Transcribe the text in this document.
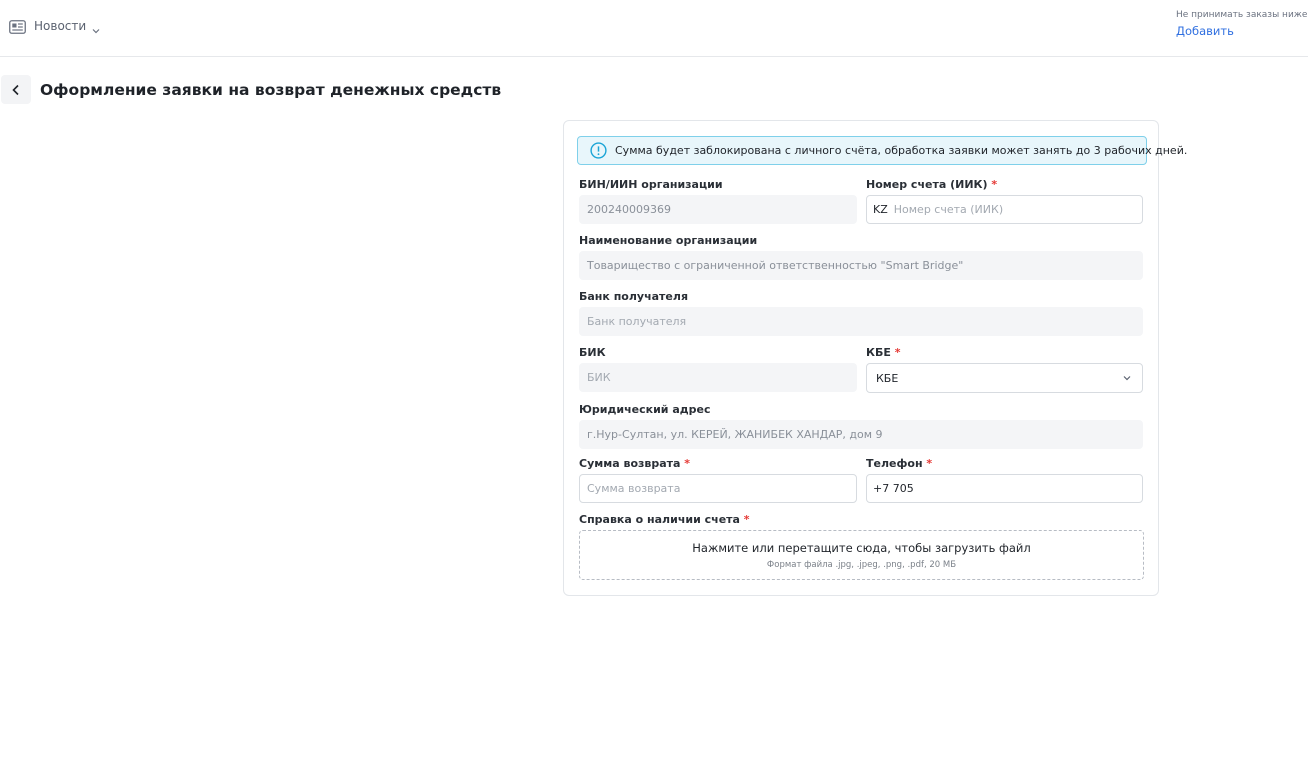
Новости
Не принимать заказы ниже
Добавить
Оформление заявки на возврат денежных средств
Сумма будет заблокирована с личного счёта, обработка заявки может занять до 3 рабочих дней.
БИН/ИИН организации
200240009369
Номер счета (ИИК) *
KZ Номер счета (ИИК)
Наименование организации
Товарищество с ограниченной ответственностью "Smart Bridge"
Банк получателя
Банк получателя
БИК
БИК
КБЕ *
КБЕ
Юридический адрес
г.Нур-Султан, ул. КЕРЕЙ, ЖАНИБЕК ХАНДАР, дом 9
Сумма возврата *
Сумма возврата
Телефон *
+7 705
Справка о наличии счета *
Нажмите или перетащите сюда, чтобы загрузить файл
Формат файла .jpg, .jpeg, .png, .pdf, 20 МБ
